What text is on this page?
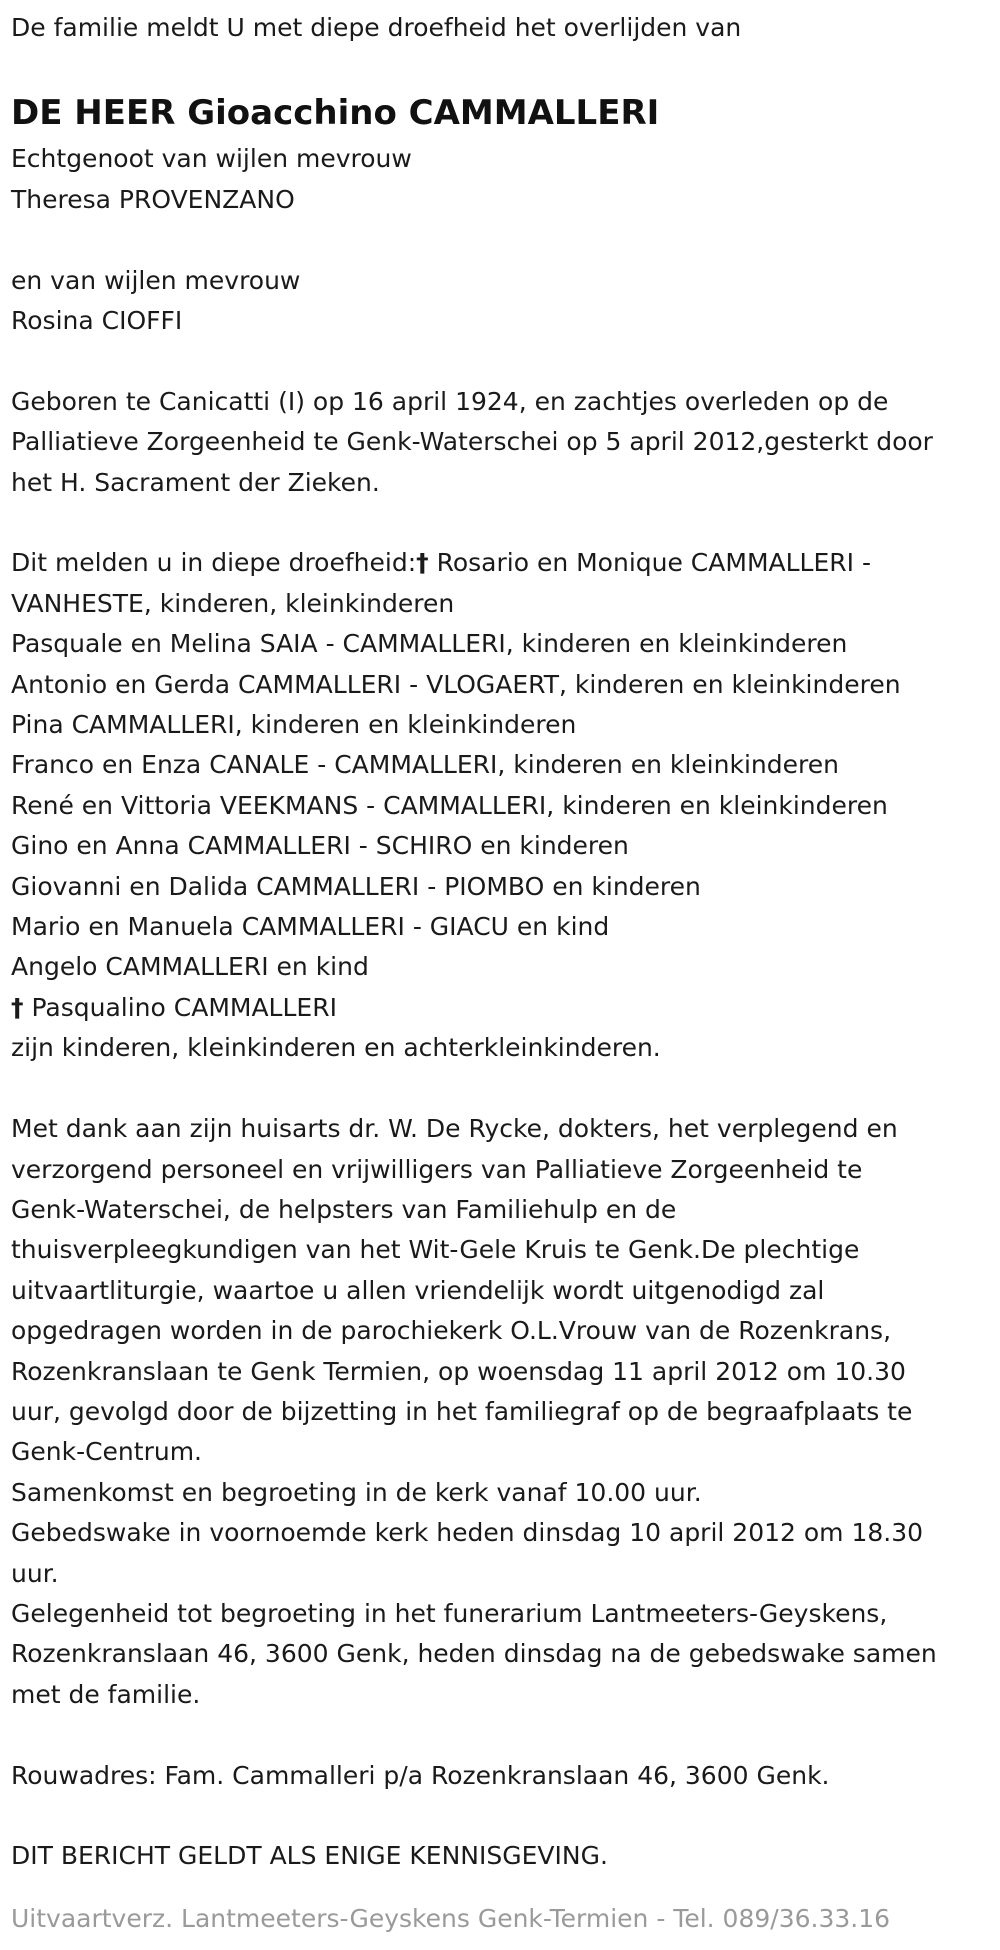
De familie meldt U met diepe droefheid het overlijden van
DE HEER Gioacchino CAMMALLERI
Echtgenoot van wijlen mevrouw
Theresa PROVENZANO
en van wijlen mevrouw
Rosina CIOFFI
Geboren te Canicatti (I) op 16 april 1924, en zachtjes overleden op de
Palliatieve Zorgeenheid te Genk-Waterschei op 5 april 2012,gesterkt door
het H. Sacrament der Zieken.
Dit melden u in diepe droefheid:† Rosario en Monique CAMMALLERI -
VANHESTE, kinderen, kleinkinderen
Pasquale en Melina SAIA - CAMMALLERI, kinderen en kleinkinderen
Antonio en Gerda CAMMALLERI - VLOGAERT, kinderen en kleinkinderen
Pina CAMMALLERI, kinderen en kleinkinderen
Franco en Enza CANALE - CAMMALLERI, kinderen en kleinkinderen
René en Vittoria VEEKMANS - CAMMALLERI, kinderen en kleinkinderen
Gino en Anna CAMMALLERI - SCHIRO en kinderen
Giovanni en Dalida CAMMALLERI - PIOMBO en kinderen
Mario en Manuela CAMMALLERI - GIACU en kind
Angelo CAMMALLERI en kind
† Pasqualino CAMMALLERI
zijn kinderen, kleinkinderen en achterkleinkinderen.
Met dank aan zijn huisarts dr. W. De Rycke, dokters, het verplegend en
verzorgend personeel en vrijwilligers van Palliatieve Zorgeenheid te
Genk-Waterschei, de helpsters van Familiehulp en de
thuisverpleegkundigen van het Wit-Gele Kruis te Genk.De plechtige
uitvaartliturgie, waartoe u allen vriendelijk wordt uitgenodigd zal
opgedragen worden in de parochiekerk O.L.Vrouw van de Rozenkrans,
Rozenkranslaan te Genk Termien, op woensdag 11 april 2012 om 10.30
uur, gevolgd door de bijzetting in het familiegraf op de begraafplaats te
Genk-Centrum.
Samenkomst en begroeting in de kerk vanaf 10.00 uur.
Gebedswake in voornoemde kerk heden dinsdag 10 april 2012 om 18.30
uur.
Gelegenheid tot begroeting in het funerarium Lantmeeters-Geyskens,
Rozenkranslaan 46, 3600 Genk, heden dinsdag na de gebedswake samen
met de familie.
Rouwadres: Fam. Cammalleri p/a Rozenkranslaan 46, 3600 Genk.
DIT BERICHT GELDT ALS ENIGE KENNISGEVING.
Uitvaartverz. Lantmeeters-Geyskens Genk-Termien - Tel. 089/36.33.16
